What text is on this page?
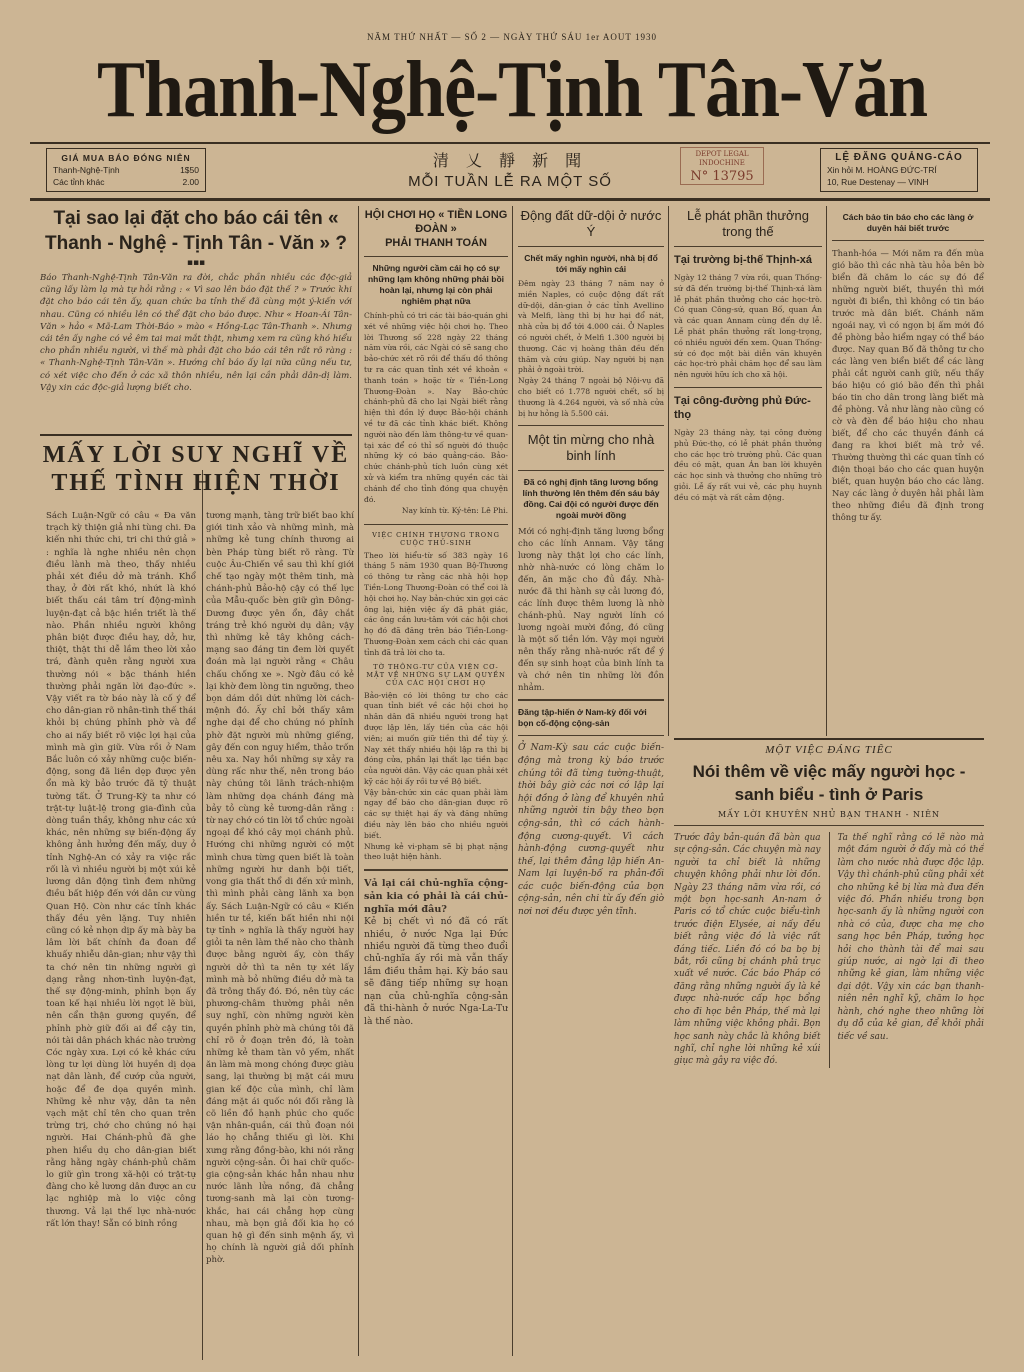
NĂM THỨ NHẤT — SỐ 2 — NGÀY THỨ SÁU 1er AOUT 1930
Thanh-Nghệ-Tịnh Tân-Văn
GIÁ MUA BÁO ĐÓNG NIÊN
Thanh-Nghệ-Tịnh	1$50
Các tỉnh khác	2.00
清 乂 靜 新 聞
MỖI TUẦN LỄ RA MỘT SỐ
DEPOT LEGAL
INDOCHINE
N° 13795
LỆ ĐĂNG QUẢNG-CÁO
Xin hỏi M. HOÀNG ĐỨC-TRÍ
10, Rue Destenay — VINH
Tại sao lại đặt cho báo cái tên « Thanh - Nghệ - Tịnh Tân - Văn » ?
▪▪▪
Báo Thanh-Nghệ-Tịnh Tân-Văn ra đời, chắc phần nhiều các độc-giả cũng lấy làm lạ mà tự hỏi rằng : « Vì sao lên báo đặt thế ? » Trước khi đặt cho báo cái tên ấy, quan chức ba tỉnh thế đã cùng một ý-kiến với nhau. Cũng có nhiều lên có thể đặt cho báo được. Như « Hoan-Ái Tân-Văn » hảo « Mã-Lam Thời-Báo » mào « Hồng-Lạc Tân-Thanh ». Nhưng cái tên ấy nghe có vẻ êm tai mai mắt thật, nhưng xem ra cũng khó hiểu cho phần nhiều người, vì thế mà phải đặt cho báo cái tên rất rõ ràng : « Thanh-Nghệ-Tịnh Tân-Văn ». Hướng chỉ báo ấy lại nữa cũng nếu tư, có xét việc cho đến ở các xã thôn nhiều, nên lại cần phải dân-dị làm. Vậy xin các độc-giả lượng biết cho.
MẤY LỜI SUY NGHĨ VỀ
THẾ TÌNH HIỆN THỜI
Sách Luận-Ngữ có câu « Đa văn trạch kỳ thiện giả nhi tùng chi. Đa kiến nhi thức chi, tri chi thứ giả » : nghĩa là nghe nhiều nên chọn điều lành mà theo, thấy nhiều phải xét điều dở mà tránh. Khổ thay, ở đời rất khó, nhứt là khó biết thấu cái tâm trí động-mình luyện-đạt cả bậc hiền triết là thế nào. Phần nhiều người không phân biệt được điều hay, dở, hư, thiệt, thật thi dễ lầm theo lời xảo trá, đành quên rằng người xưa thường nói « bậc thánh hiền thường phải ngăn lời đạo-đức ». Vậy viết ra tờ báo này là cố ý để cho dân-gian rõ nhân-tình thế thái khỏi bị chúng phỉnh phờ và để cho ai nấy biết rõ việc lợi hại của mình mà gìn giữ. Vừa rồi ở Nam Bắc luôn có xảy những cuộc biến-động, song đã liền dẹp được yên ổn mà kỳ bảo trước đã tỷ thuật tường tất. Ở Trung-Kỳ ta như có trật-tự luật-lệ trong gia-đình của dòng tuần thầy, không như các xứ khác, nên những sự biến-động ấy không ảnh hưởng đến mấy, duy ở tỉnh Nghệ-An có xảy ra việc rắc rối là vì nhiều người bị một xúi kẻ lương dân động tình đem những điều bất hiệp đến với dân cư vùng Quan Hộ. Còn như các tỉnh khác thấy đều yên lặng. Tuy nhiên cũng có kẻ nhọn dịp ấy mà bày ba lâm lời bất chính đa đoan để khuấy nhiễu dân-gian; như vậy thì ta chớ nên tin những người gì dạng rằng nhơn-tình luyện-đạt, thế sự động-minh, phỉnh bọn ấy toan kế hại nhiều lời ngọt lẽ bùi, nên cẩn thận gương quyến, để phỉnh phờ giữ đối ai để cậy tin, nói tài dân phách khác nào trường Cóc ngày xưa. Lợi có kẻ khác cứu lòng tư lợi dùng lời huyền dị dọa nạt dân lành, để cướp của người, hoặc để đe dọa quyền mình. Những kẻ như vậy, dân ta nên vạch mặt chỉ tên cho quan trên trừng trị, chớ cho chúng nó hại người. Hai Chánh-phủ đã ghe phen hiểu dụ cho dân-gian biết rằng hằng ngày chánh-phủ chăm lo giữ gìn trong xã-hội có trật-tự đàng cho kẻ lương dân được an cư lạc nghiệp mà lo việc công thương. Vả lại thế lực nhà-nước rất lớn thay! Sẵn có binh rồng
tương mạnh, tàng trữ biết bao khí giới tinh xảo và những mình, mà những kẻ tung chính thương ai bèn Pháp tùng biết rõ ràng. Từ cuộc Âu-Chiến về sau thì khí giới chế tạo ngày một thêm tinh, mà chánh-phủ Bảo-hộ cậy có thế lực của Mẫu-quốc bèn giữ gìn Đông-Dương được yên ổn, đây chắt tráng trẻ khó người dụ dân; vậy thì những kẻ tây không cách-mạng sao đáng tin đem lời quyết đoán mà lại người rằng « Châu chấu chống xe ». Ngờ đâu có kẻ lại khờ đem lòng tin ngưỡng, theo bọn dám dồi dứt những lời cách-mệnh đó. Ấy chỉ bởi thấy xâm nghe dại để cho chúng nó phỉnh phờ đặt người mù những giếng, gây đến con nguy hiểm, thảo trốn nêu xa. Nay hồi những sự xảy ra dùng rấc như thế, nên trong báo này chúng tôi lãnh trách-nhiệm làm những dọa chánh đáng mà bảy tỏ cùng kẻ tương-dân rằng : từ nay chớ có tin lời tổ chức ngoài ngoại để khó cây mọi chánh phủ. Hướng chi những người có một mình chưa từng quen biết là toàn những người hư danh bội tiết, vong gia thất thổ di đến xứ mình, thì mình phải càng lãnh xa bọn ấy. Sách Luận-Ngữ có câu « Kiến hiền tư tề, kiến bất hiền nhi nội tự tỉnh » nghĩa là thấy người hay giỏi ta nên làm thế nào cho thành được bằng người ấy, còn thấy người dở thì ta nên tự xét lấy mình mà bỏ những điều dở mà ta đã trông thấy đó. Đó, nên tùy các phương-châm thường phải nên suy nghĩ, còn những người kèn quyền phỉnh phờ mà chúng tôi đã chỉ rõ ở đoạn trên đó, là toàn những kẻ tham tàn vô yếm, nhất ăn làm mà mong chóng được giàu sang, lại thường bị mặt cái mưu gian kế độc của mình, chỉ làm đáng mặt ái quốc nói đối rằng là cõ liền đồ hạnh phúc cho quốc vận nhân-quần, cái thủ đoạn nói láo họ chẳng thiếu gì lời. Khi xưng rằng đồng-bào, khi nói rằng người cộng-sản. Ôi hai chữ quốc-gia cộng-sản khác hẳn nhau như nước lãnh lửa nồng, đã chẳng tương-sanh mà lại còn tương-khắc, hai cái chẳng hợp cùng nhau, mà bọn giả đối kia họ có quan hệ gì đến sinh mệnh ấy, vì họ chính là người giả dối phỉnh phờ.
HỘI CHƠI HỌ « TIỀN LONG ĐOÀN »
PHẢI THANH TOÁN
Những người cầm cái họ có sự những lạm không những phải bồi hoàn lại, nhưng lại còn phải nghiêm phạt nữa
Chính-phủ có tri các tài báo-quán ghi xét về những việc hội chơi họ. Theo lời Thương số 228 ngày 22 tháng năm vừa rồi, các Ngài có sẽ sang cho bảo-chức xét rõ rồi để thấu đồ thông tư ra các quan tỉnh xét về khoản « thanh toán » hoặc từ « Tiền-Long Thương-Đoàn ». Nay Bảo-chức chánh-phủ đã cho lại Ngài biết rằng hiện thì đồn lý được Bảo-hội chánh về tư đã các tỉnh khác biết. Không người nào đến làm thông-tư về quan-tại xác để có thỉ số người đó thuộc những kỳ có báo quảng-cáo. Bảo-chức chánh-phủ tích luồn cùng xét xử và kiểm tra những quyền các tài chánh để cho tỉnh đóng qua chuyện đó.
Nay kính từ. Ký-tên: Lê Phi.
VIỆC CHÍNH THƯƠNG TRONG CUỘC THỦ-SINH
Theo lời hiểu-từ số 383 ngày 16 tháng 5 năm 1930 quan Bộ-Thương có thông tư rằng các nhà hội họp Tiền-Long Thương-Đoàn có thể coi là hội chơi họ. Nay bản-chức xin gợi các ông lại, hiện việc ấy đã phát giác, các ông cần lưu-tâm với các hội chơi họ đó đã đăng trên báo Tiền-Long-Thương-Đoàn xem cách chi các quan tỉnh đã trả lời cho ta.
TỜ THÔNG-TƯ CỦA VIỆN CƠ-MẬT VỀ NHỮNG SỰ LẠM QUYỀN CỦA CÁC HỘI CHƠI HỌ
Bảo-viện có lời thông tư cho các quan tỉnh biết về các hội chơi họ nhân dân đã nhiều người trong hạt được lập lên, lấy tiền của các hội viên; ai muốn giữ tiền thì để tùy ý. Nay xét thấy nhiều hội lập ra thì bị đóng cửa, phần lại thất lạc tiền bạc của người dân. Vậy các quan phải xét kỹ các hội ấy rồi tư về Bộ biết.
Vậy bản-chức xin các quan phải làm ngay để báo cho dân-gian được rõ các sự thiệt hại ấy và đăng những điều này lên báo cho nhiều người biết.
Nhưng kẻ vi-phạm sẽ bị phạt nặng theo luật hiện hành.
Vả lại cái chủ-nghĩa cộng-sản kia có phải là cái chủ-nghĩa mới đâu?
Kẻ bị chết vì nó đã có rất nhiều, ở nước Nga lại Đức nhiều người đã từng theo đuổi chủ-nghĩa ấy rồi mà vẫn thấy lắm điều thảm hại. Kỳ báo sau sẽ đăng tiếp những sự hoạn nạn của chủ-nghĩa cộng-sản đã thi-hành ở nước Nga-La-Tư là thế nào.
Động đất dữ-dội ở nước Ý
Chết mấy nghìn người, nhà bị đổ tới mấy nghìn cái
Đêm ngày 23 tháng 7 năm nay ở miền Naples, có cuộc động đất rất dữ-dội, dân-gian ở các tỉnh Avellino và Melfi, làng thì bị hư hại đổ nát, nhà cửa bị đổ tới 4.000 cái. Ở Naples có người chết, ở Melfi 1.300 người bị thương. Các vị hoàng thân đều đến thăm và cứu giúp. Nay người bị nạn phải ở ngoài trời.
Ngày 24 tháng 7 ngoài bộ Nội-vụ đã cho biết có 1.778 người chết, số bị thương là 4.264 người, và số nhà cửa bị hư hỏng là 5.500 cái.
Một tin mừng cho nhà binh lính
Đã có nghị định tăng lương bổng lính thường lên thêm đến sáu bảy đồng. Cai đội có người được đến ngoài mười đồng
Mới có nghị-định tăng lương bổng cho các lính Annam. Vậy tăng lương này thật lợi cho các lính, nhờ nhà-nước có lòng chăm lo đến, ăn mặc cho đủ đầy. Nhà-nước đã thi hành sự cải lương đó, các lính được thêm lương là nhờ chánh-phủ. Nay người lính có lương ngoài mười đồng, đó cũng là một số tiền lớn. Vậy mọi người nên thấy rằng nhà-nước rất để ý đến sự sinh hoạt của binh lính ta và chớ nên tin những lời đồn nhảm.
Đăng tập-hiến ở Nam-kỳ đối với bọn cổ-động cộng-sản
Ở Nam-Kỳ sau các cuộc biến-động mà trong kỳ báo trước chúng tôi đã từng tường-thuật, thời bây giờ các nơi có lập lại hội đồng ở làng để khuyên nhủ những người tin bậy theo bọn cộng-sản, thì có cách hành-động cương-quyết. Vì cách hành-động cương-quyết như thế, lại thêm đảng lập hiến An-Nam lại luyện-bố ra phản-đối các cuộc biến-động của bọn cộng-sản, nên chi từ ấy đến giờ nơi nơi đều được yên tĩnh.
Lễ phát phần thưởng trong thế
Tại trường bị-thế Thịnh-xá
Ngày 12 tháng 7 vừa rồi, quan Thống-sứ đã đến trường bị-thế Thịnh-xá làm lễ phát phần thưởng cho các học-trò. Có quan Công-sứ, quan Bố, quan Án và các quan Annam cùng đến dự lễ. Lễ phát phần thưởng rất long-trọng, có nhiều người đến xem. Quan Thống-sứ có đọc một bài diễn văn khuyên các học-trò phải chăm học để sau làm nên người hữu ích cho xã hội.
Tại công-đường phủ Đức-thọ
Ngày 23 tháng này, tại công đường phủ Đức-thọ, có lễ phát phần thưởng cho các học trò trường phủ. Các quan đều có mặt, quan Án ban lời khuyên các học sinh và thưởng cho những trò giỏi. Lễ ấy rất vui vẻ, các phụ huynh đều có mặt và rất cảm động.
Cách bảo tin báo cho các làng ở duyên hải biết trước
Thanh-hóa — Mới năm ra đến mùa gió bão thì các nhà tàu hỏa bên bờ biển đã chăm lo các sự đó để những người biết, thuyền thì mới người đi biển, thì không có tin báo trước mà dân biết. Chánh năm ngoái nay, vì có ngọn bị ấm mới đó đề phòng bảo hiểm ngay có thể báo được. Nay quan Bố đã thông tư cho các làng ven biển biết để các làng phải cắt người canh giữ, nếu thấy báo hiệu có gió bão đến thì phải báo tin cho dân trong làng biết mà đề phòng. Vả như làng nào cũng có cờ và đèn để báo hiệu cho nhau biết, để cho các thuyền đánh cá đang ra khơi biết mà trở về. Thường thường thì các quan tỉnh có điện thoại báo cho các quan huyện biết, quan huyện báo cho các làng. Nay các làng ở duyên hải phải làm theo những điều đã định trong thông tư ấy.
MỘT VIỆC ĐÁNG TIẾC
Nói thêm về việc mấy người học - sanh biểu - tình ở Paris
MẤY LỜI KHUYÊN NHỦ BẠN THANH - NIÊN
Trước đây bản-quán đã bàn qua sự cộng-sản. Các chuyện mà nay người ta chỉ biết là những chuyện không phải như lời đồn. Ngày 23 tháng năm vừa rồi, có một bọn học-sanh An-nam ở Paris có tổ chức cuộc biểu-tình trước điện Elysée, ai nấy đều biết rằng việc đó là việc rất đáng tiếc. Liền đó có ba bọ bị bắt, rồi cũng bị chánh phủ trục xuất về nước. Các báo Pháp có đăng rằng những người ấy là kẻ được nhà-nước cấp học bổng cho đi học bên Pháp, thế mà lại làm những việc không phải. Bọn học sanh này chắc là không biết nghĩ, chỉ nghe lời những kẻ xúi giục mà gây ra việc đó.
Ta thế nghĩ rằng có lẽ nào mà một đám người ở đấy mà có thể làm cho nước nhà được độc lập. Vậy thì chánh-phủ cũng phải xét cho những kẻ bị lừa mà đưa đến việc đó. Phần nhiều trong bọn học-sanh ấy là những người con nhà có của, được cha mẹ cho sang học bên Pháp, tưởng học hỏi cho thành tài để mai sau giúp nước, ai ngờ lại đi theo những kẻ gian, làm những việc dại dột. Vậy xin các bạn thanh-niên nên nghĩ kỹ, chăm lo học hành, chớ nghe theo những lời dụ dỗ của kẻ gian, để khỏi phải tiếc về sau.
